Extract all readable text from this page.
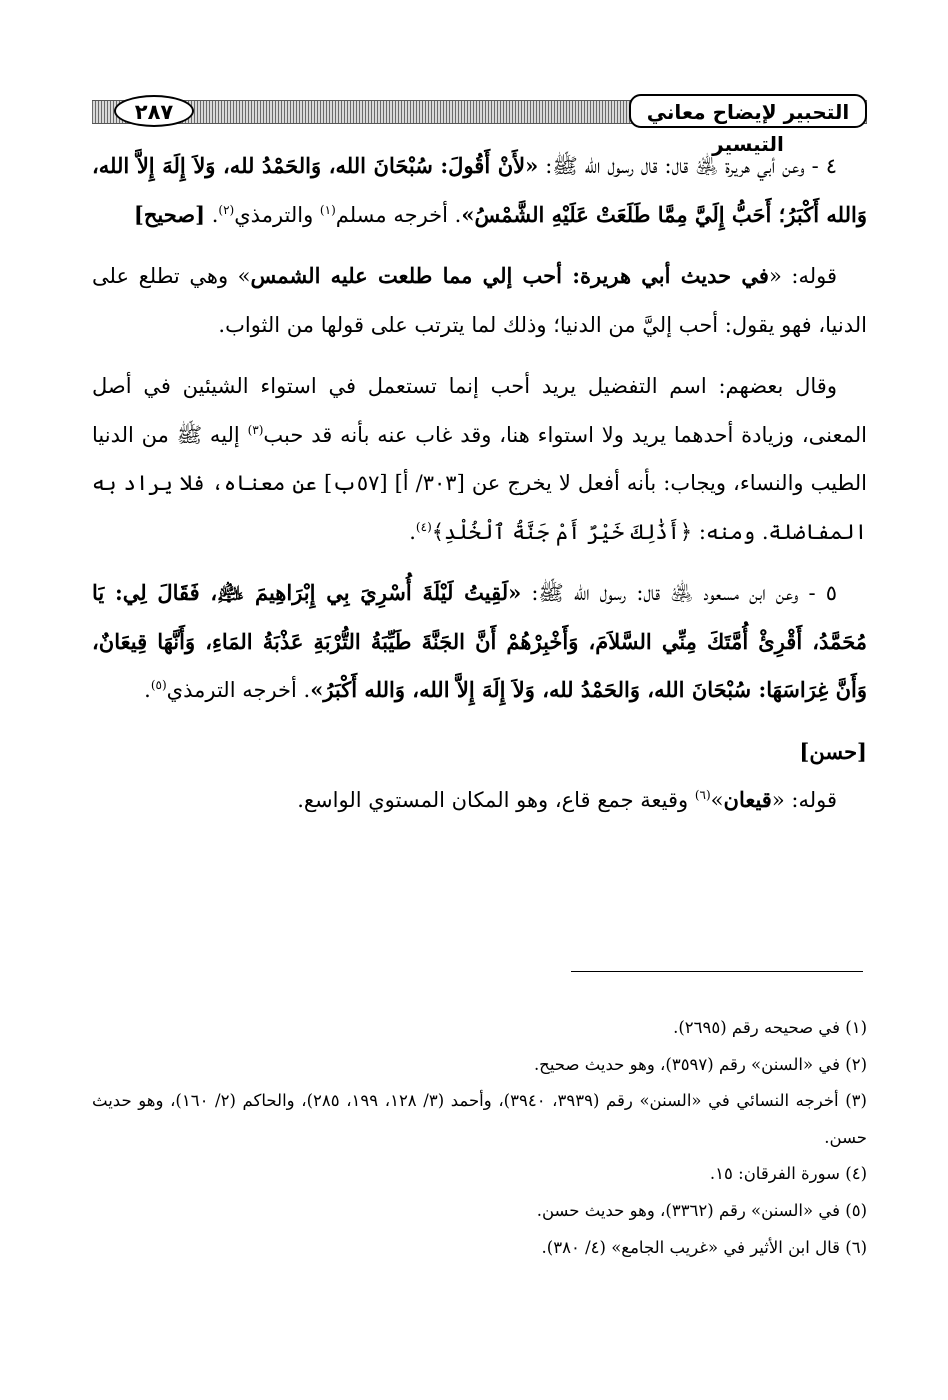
التحبير لإيضاح معاني التيسير
٢٨٧

٤ - وعن أبي هريرة ﵁ قال: قال رسول الله ﷺ: «لأَنْ أَقُولَ: سُبْحَانَ الله، وَالحَمْدُ لله، وَلاَ إِلَهَ إِلاَّ الله، وَالله أَكْبَرُ؛ أَحَبُّ إِلَيَّ مِمَّا طَلَعَتْ عَلَيْهِ الشَّمْسُ». أخرجه مسلم$^{(١)}$ والترمذي$^{(٢)}$. [صحيح]

قوله: «في حديث أبي هريرة: أحب إلي مما طلعت عليه الشمس» وهي تطلع على الدنيا، فهو يقول: أحب إليَّ من الدنيا؛ وذلك لما يترتب على قولها من الثواب.

وقال بعضهم: اسم التفضيل يريد أحب إنما تستعمل في استواء الشيئين في أصل المعنى، وزيادة أحدهما يريد ولا استواء هنا، وقد غاب عنه بأنه قد حبب$^{(٣)}$ إليه ﷺ من الدنيا الطيب والنساء، ويجاب: بأنه أفعل لا يخرج عن [٣٠٣/ أ] [٥٧ب] عن معناه، فلا يراد به المفاضلة. ومنه: ﴿أَذَٰلِكَ خَيْرٌ أَمْ جَنَّةُ ٱلْخُلْدِ﴾$^{(٤)}$.

٥ - وعن ابن مسعود ﵁ قال: رسول الله ﷺ: «لَقِيتُ لَيْلَةَ أُسْرِيَ بِي إِبْرَاهِيمَ ﵇، فَقَالَ لِي: يَا مُحَمَّدُ، أَقْرِئْ أُمَّتَكَ مِنِّي السَّلاَمَ، وَأَخْبِرْهُمْ أَنَّ الجَنَّةَ طَيِّبَةُ التُّرْبَةِ عَذْبَةُ المَاءِ، وَأَنَّهَا قِيعَانٌ، وَأَنَّ غِرَاسَهَا: سُبْحَانَ الله، وَالحَمْدُ لله، وَلاَ إِلَهَ إِلاَّ الله، وَالله أَكْبَرُ». أخرجه الترمذي$^{(٥)}$.

[حسن]

قوله: «قيعان»$^{(٦)}$ وقيعة جمع قاع، وهو المكان المستوي الواسع.

(١) في صحيحه رقم (٢٦٩٥).

(٢) في «السنن» رقم (٣٥٩٧)، وهو حديث صحيح.

(٣) أخرجه النسائي في «السنن» رقم (٣٩٣٩، ٣٩٤٠)، وأحمد (٣/ ١٢٨، ١٩٩، ٢٨٥)، والحاكم (٢/ ١٦٠)، وهو حديث حسن.

(٤) سورة الفرقان: ١٥.

(٥) في «السنن» رقم (٣٣٦٢)، وهو حديث حسن.

(٦) قال ابن الأثير في «غريب الجامع» (٤/ ٣٨٠).
